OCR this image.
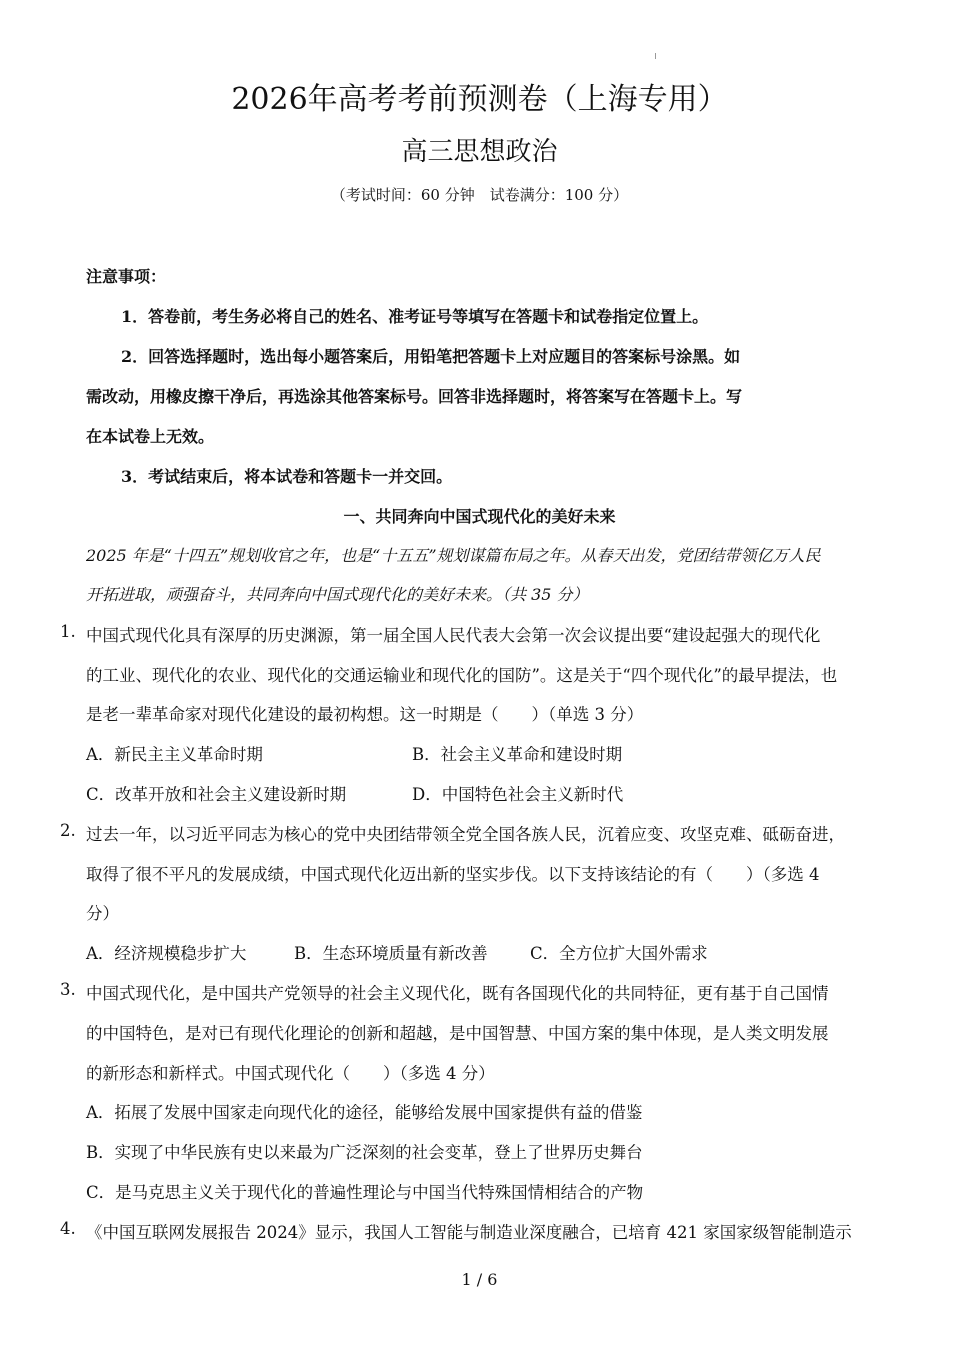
2026年高考考前预测卷（上海专用）
高三思想政治
（考试时间：60 分钟　试卷满分：100 分）
注意事项：
1．答卷前，考生务必将自己的姓名、准考证号等填写在答题卡和试卷指定位置上。
2．回答选择题时，选出每小题答案后，用铅笔把答题卡上对应题目的答案标号涂黑。如
需改动，用橡皮擦干净后，再选涂其他答案标号。回答非选择题时，将答案写在答题卡上。写
在本试卷上无效。
3．考试结束后，将本试卷和答题卡一并交回。
一、共同奔向中国式现代化的美好未来
2025 年是“十四五”规划收官之年，也是“十五五”规划谋篇布局之年。从春天出发，党团结带领亿万人民
开拓进取，顽强奋斗，共同奔向中国式现代化的美好未来。（共 35 分）
1. 中国式现代化具有深厚的历史渊源，第一届全国人民代表大会第一次会议提出要“建设起强大的现代化
的工业、现代化的农业、现代化的交通运输业和现代化的国防”。这是关于“四个现代化”的最早提法，也
是老一辈革命家对现代化建设的最初构想。这一时期是（　　）（单选 3 分）
A．新民主主义革命时期	B．社会主义革命和建设时期
C．改革开放和社会主义建设新时期	D．中国特色社会主义新时代
2. 过去一年，以习近平同志为核心的党中央团结带领全党全国各族人民，沉着应变、攻坚克难、砥砺奋进，
取得了很不平凡的发展成绩，中国式现代化迈出新的坚实步伐。以下支持该结论的有（　　）（多选 4
分）
A．经济规模稳步扩大	B．生态环境质量有新改善	C．全方位扩大国外需求
3. 中国式现代化，是中国共产党领导的社会主义现代化，既有各国现代化的共同特征，更有基于自己国情
的中国特色，是对已有现代化理论的创新和超越，是中国智慧、中国方案的集中体现，是人类文明发展
的新形态和新样式。中国式现代化（　　）（多选 4 分）
A．拓展了发展中国家走向现代化的途径，能够给发展中国家提供有益的借鉴
B．实现了中华民族有史以来最为广泛深刻的社会变革，登上了世界历史舞台
C．是马克思主义关于现代化的普遍性理论与中国当代特殊国情相结合的产物
4. 《中国互联网发展报告 2024》显示，我国人工智能与制造业深度融合，已培育 421 家国家级智能制造示
1 / 6
